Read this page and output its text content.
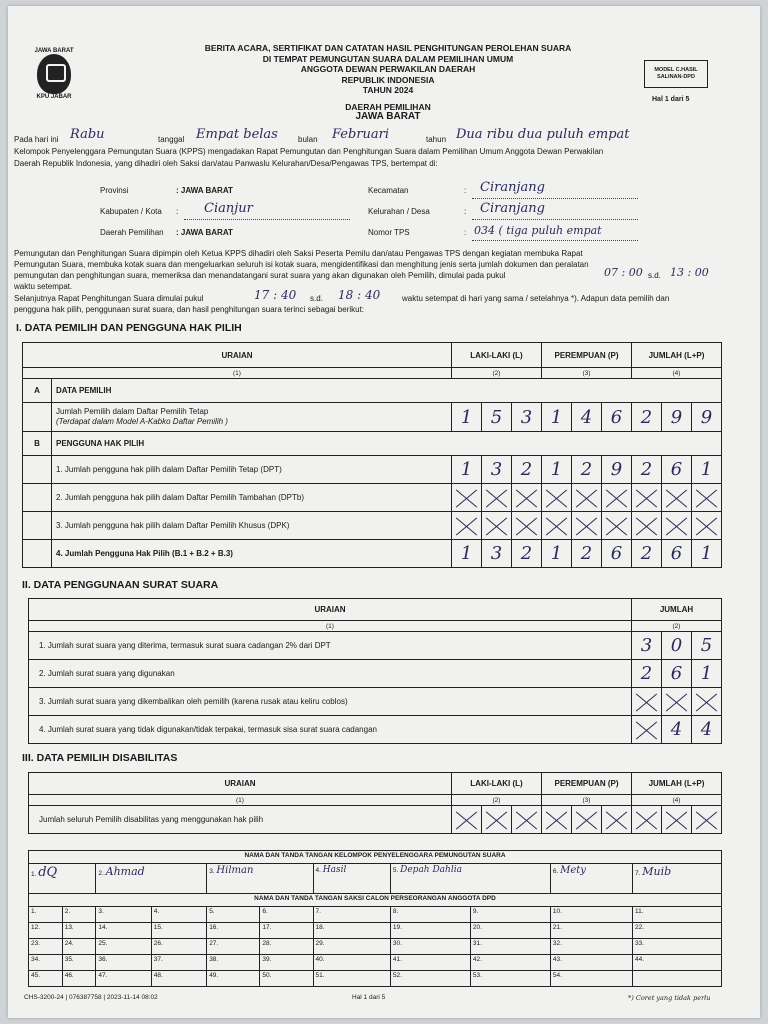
JAWA BARAT
KPU JABAR
BERITA ACARA, SERTIFIKAT DAN CATATAN HASIL PENGHITUNGAN PEROLEHAN SUARA
DI TEMPAT PEMUNGUTAN SUARA DALAM PEMILIHAN UMUM
ANGGOTA DEWAN PERWAKILAN DAERAH
REPUBLIK INDONESIA
TAHUN 2024
DAERAH PEMILIHAN
JAWA BARAT
MODEL C.HASIL
SALINAN-DPD
Hal 1 dari 5
Pada hari ini Rabu	tanggal Empat belas	bulan Februari	tahun Dua ribu dua puluh empat
Kelompok Penyelenggara Pemungutan Suara (KPPS) mengadakan Rapat Pemungutan dan Penghitungan Suara dalam Pemilihan Umum Anggota Dewan Perwakilan
Daerah Republik Indonesia, yang dihadiri oleh Saksi dan/atau Panwaslu Kelurahan/Desa/Pengawas TPS, bertempat di:
Provinsi	: JAWA BARAT
Kabupaten / Kota : Cianjur
Daerah Pemilihan : JAWA BARAT
Kecamatan	: Ciranjang
Kelurahan / Desa	: Ciranjang
Nomor TPS	: 034 ( tiga puluh empat
Pemungutan dan Penghitungan Suara dipimpin oleh Ketua KPPS dihadiri oleh Saksi Peserta Pemilu dan/atau Pengawas TPS dengan kegiatan membuka Rapat
Pemungutan Suara, membuka kotak suara dan mengeluarkan seluruh isi kotak suara, mengidentifikasi dan menghitung jenis serta jumlah dokumen dan peralatan
pemungutan dan penghitungan suara, memeriksa dan menandatangani surat suara yang akan digunakan oleh Pemilih, dimulai pada pukul	07 : 00 s.d. 13 : 00
waktu setempat.
Selanjutnya Rapat Penghitungan Suara dimulai pukul	17 : 40 s.d. 18 : 40	waktu setempat di hari yang sama / setelahnya *). Adapun data pemilih dan
pengguna hak pilih, penggunaan surat suara, dan hasil penghitungan suara terinci sebagai berikut:
I. DATA PEMILIH DAN PENGGUNA HAK PILIH
URAIAN		LAKI-LAKI (L)			PEREMPUAN (P)			JUMLAH (L+P)		
(1)		(2)			(3)			(4)		
A	DATA PEMILIH									
	Jumlah Pemilih dalam Daftar Pemilih Tetap
(Terdapat dalam Model A-Kabko Daftar Pemilih )	1	5	3	1	4	6	2	9	9
B	PENGGUNA HAK PILIH									
	1. Jumlah pengguna hak pilih dalam Daftar Pemilih Tetap (DPT)	1	3	2	1	2	9	2	6	1
	2. Jumlah pengguna hak pilih dalam Daftar Pemilih Tambahan (DPTb)									
	3. Jumlah pengguna hak pilih dalam Daftar Pemilih Khusus (DPK)									
	4. Jumlah Pengguna Hak Pilih (B.1 + B.2 + B.3)	1	3	2	1	2	6	2	6	1
II. DATA PENGGUNAAN SURAT SUARA
URAIAN	JUMLAH		
(1)	(2)		
1. Jumlah surat suara yang diterima, termasuk surat suara cadangan 2% dari DPT	3	0	5
2. Jumlah surat suara yang digunakan	2	6	1
3. Jumlah surat suara yang dikembalikan oleh pemilih (karena rusak atau keliru coblos)			
4. Jumlah surat suara yang tidak digunakan/tidak terpakai, termasuk sisa surat suara cadangan		4	4
III. DATA PEMILIH DISABILITAS
URAIAN	LAKI-LAKI (L)			PEREMPUAN (P)			JUMLAH (L+P)		
(1)	(2)			(3)			(4)		
Jumlah seluruh Pemilih disabilitas yang menggunakan hak pilih									
NAMA DAN TANDA TANGAN KELOMPOK PENYELENGGARA PEMUNGUTAN SUARA										
1. dQ		2. Ahmad		3. Hilman		4. Hasil	5. Depah Dahlia		6. Mety	7. Muib
NAMA DAN TANDA TANGAN SAKSI CALON PERSEORANGAN ANGGOTA DPD										
1.	2.	3.	4.	5.	6.	7.	8.	9.	10.	11.
12.	13.	14.	15.	16.	17.	18.	19.	20.	21.	22.
23.	24.	25.	26.	27.	28.	29.	30.	31.	32.	33.
34.	35.	36.	37.	38.	39.	40.	41.	42.	43.	44.
45.	46.	47.	48.	49.	50.	51.	52.	53.	54.	
CHS-3200-24 | 076387758 | 2023-11-14 08:02	Hal 1 dari 5	*) Coret yang tidak perlu
